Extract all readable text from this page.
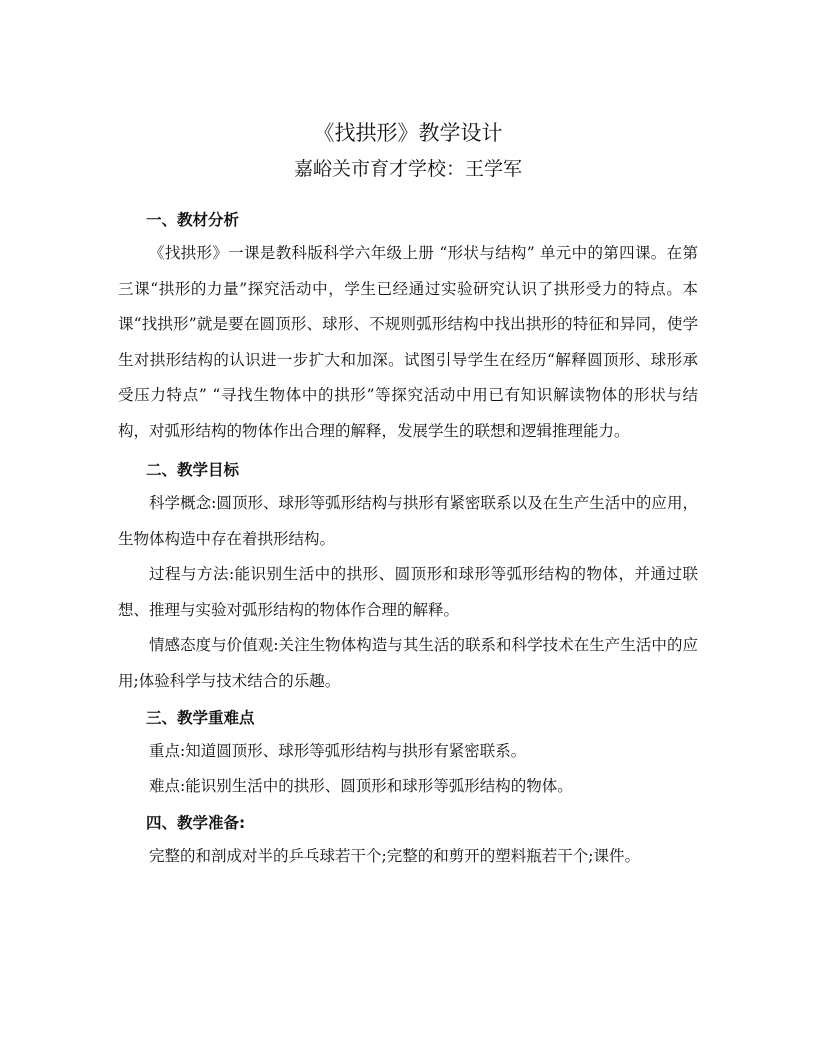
《找拱形》教学设计
嘉峪关市育才学校：王学军
一、教材分析

《找拱形》一课是教科版科学六年级上册 “形状与结构” 单元中的第四课。在第三课“拱形的力量”探究活动中，学生已经通过实验研究认识了拱形受力的特点。本课“找拱形”就是要在圆顶形、球形、不规则弧形结构中找出拱形的特征和异同，使学生对拱形结构的认识进一步扩大和加深。试图引导学生在经历“解释圆顶形、球形承受压力特点” “寻找生物体中的拱形”等探究活动中用已有知识解读物体的形状与结构，对弧形结构的物体作出合理的解释，发展学生的联想和逻辑推理能力。

二、教学目标

科学概念:圆顶形、球形等弧形结构与拱形有紧密联系以及在生产生活中的应用，生物体构造中存在着拱形结构。

过程与方法:能识别生活中的拱形、圆顶形和球形等弧形结构的物体，并通过联想、推理与实验对弧形结构的物体作合理的解释。

情感态度与价值观:关注生物体构造与其生活的联系和科学技术在生产生活中的应用;体验科学与技术结合的乐趣。

三、教学重难点

重点:知道圆顶形、球形等弧形结构与拱形有紧密联系。

难点:能识别生活中的拱形、圆顶形和球形等弧形结构的物体。

四、教学准备:

完整的和剖成对半的乒乓球若干个;完整的和剪开的塑料瓶若干个;课件。
